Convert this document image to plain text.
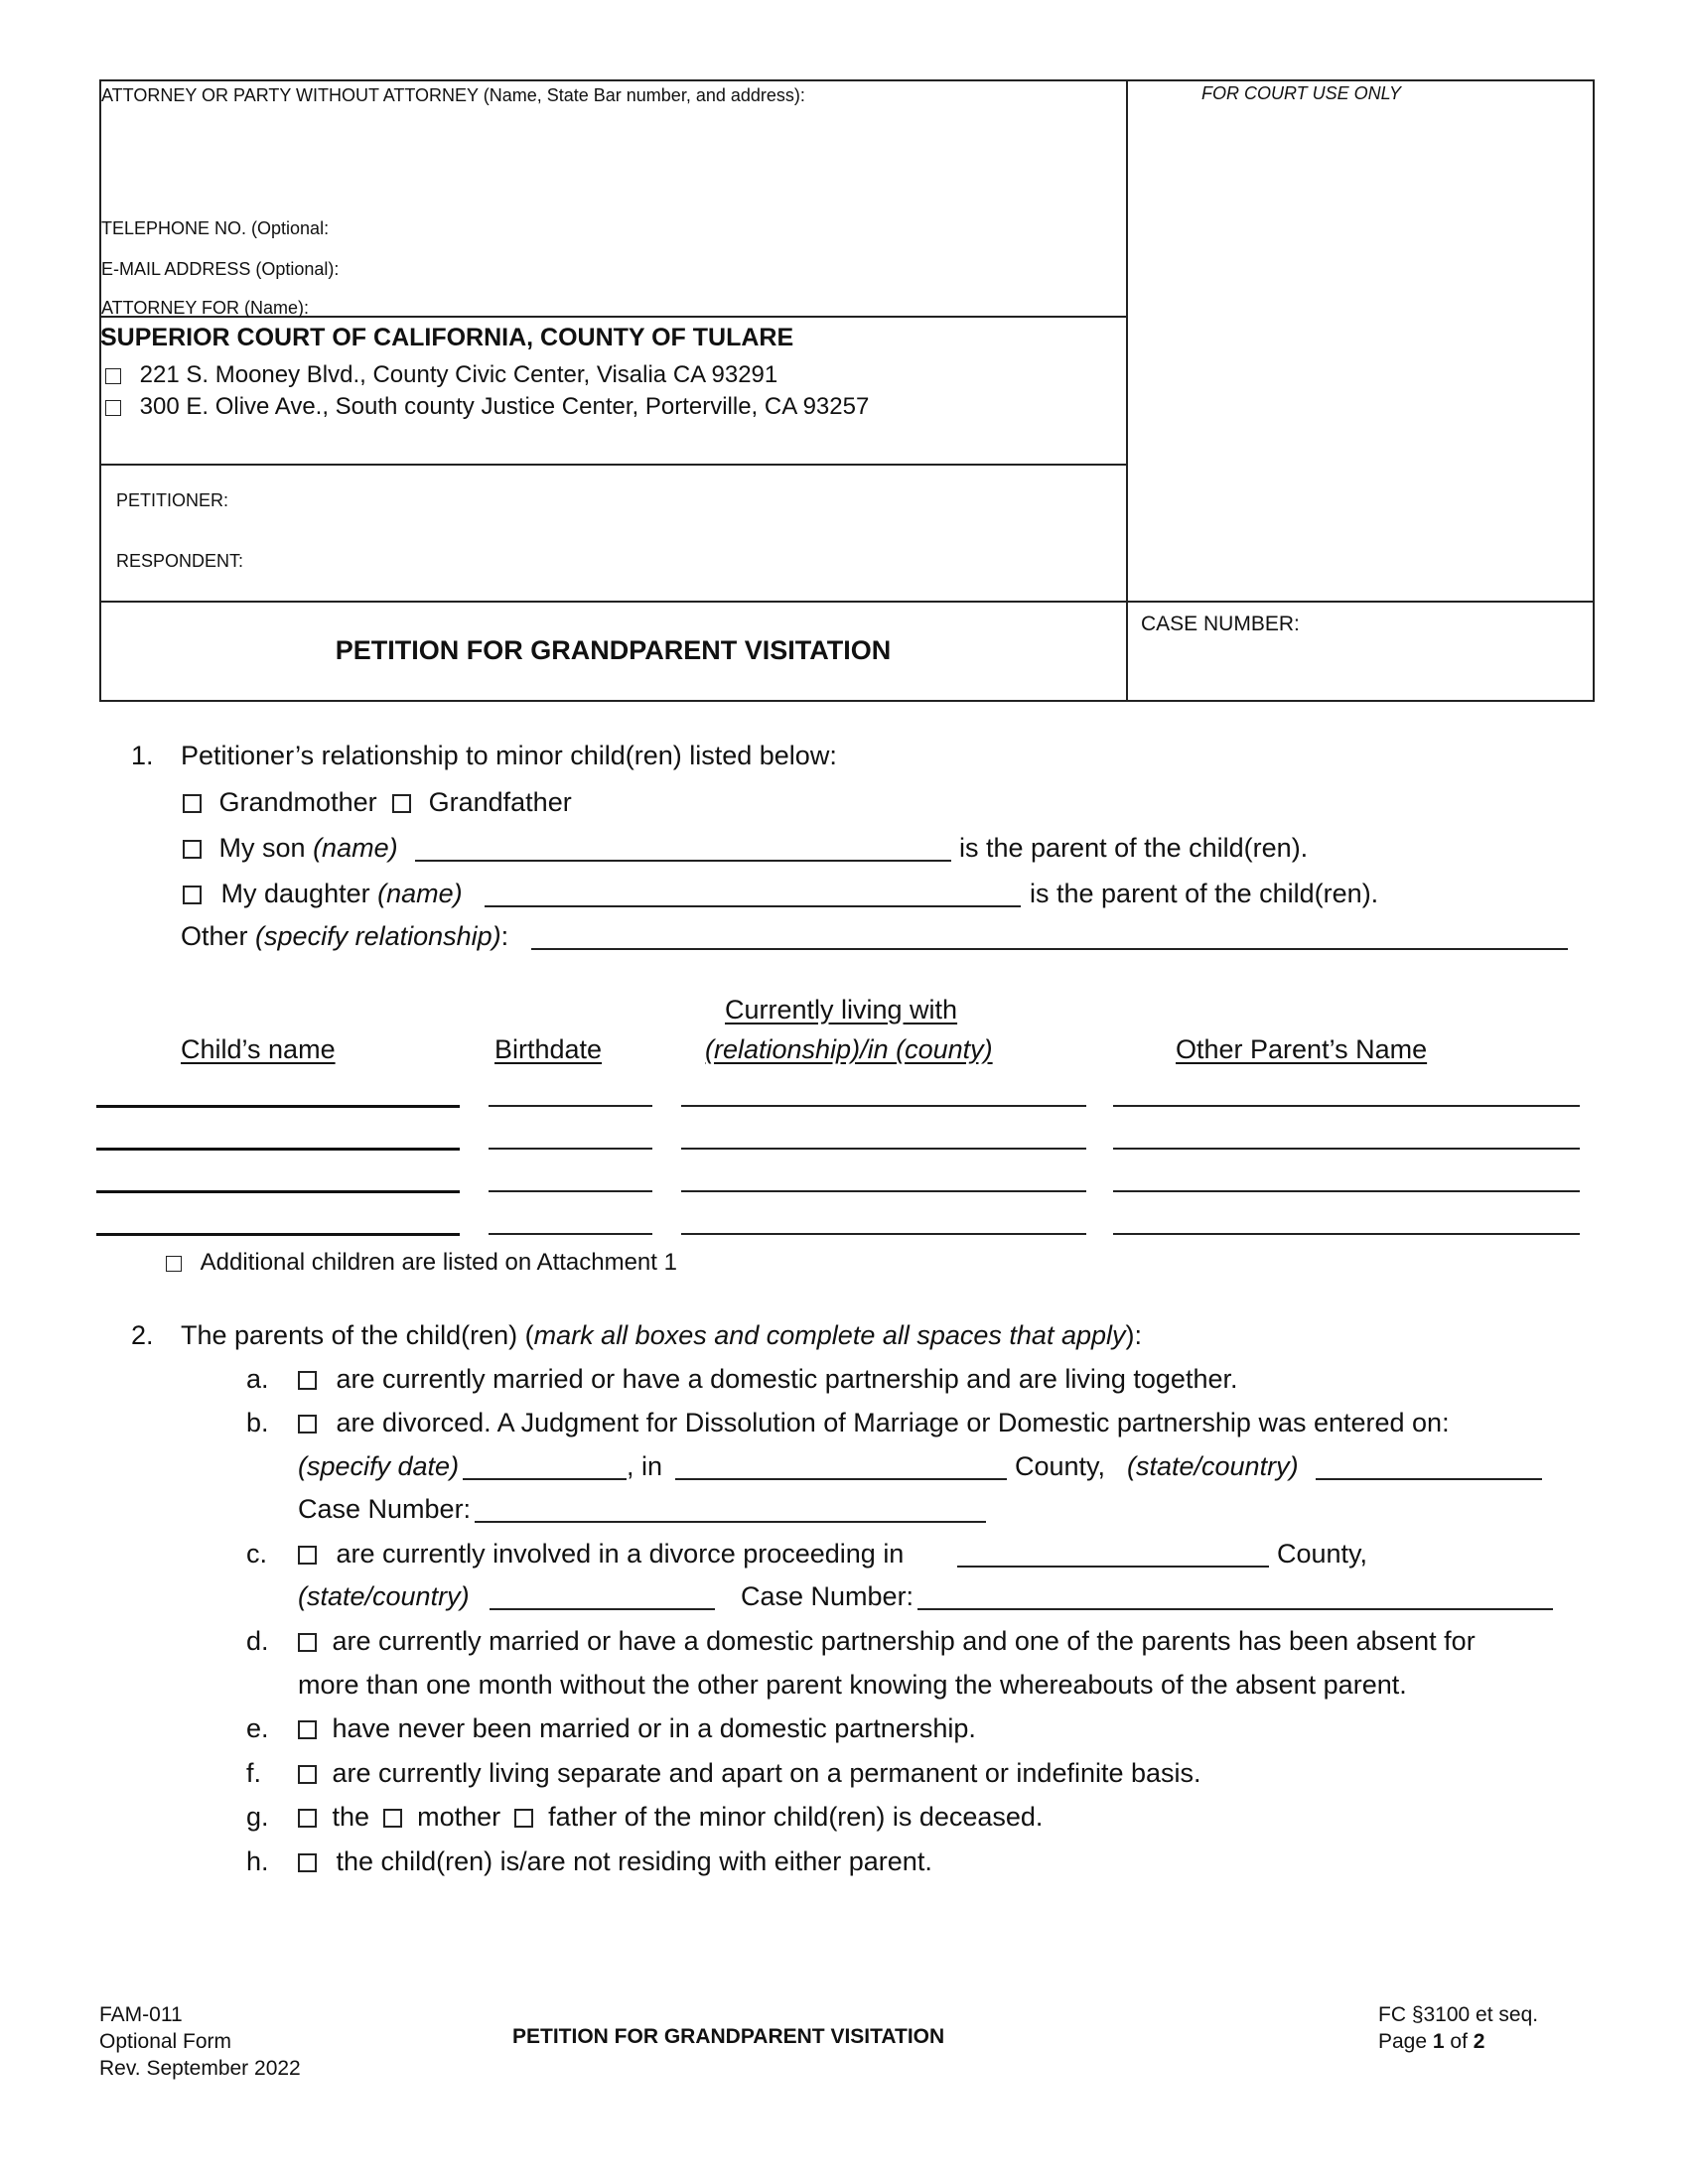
ATTORNEY OR PARTY WITHOUT ATTORNEY (Name, State Bar number, and address):	FOR COURT USE ONLY
TELEPHONE NO. (Optional:
E-MAIL ADDRESS (Optional):
ATTORNEY FOR (Name):
SUPERIOR COURT OF CALIFORNIA, COUNTY OF TULARE
221 S. Mooney Blvd., County Civic Center, Visalia CA 93291
300 E. Olive Ave., South county Justice Center, Porterville, CA 93257
PETITIONER:
RESPONDENT:
PETITION FOR GRANDPARENT VISITATION
CASE NUMBER:
1. Petitioner’s relationship to minor child(ren) listed below:
Grandmother Grandfather
My son (name)	is the parent of the child(ren).
My daughter (name)	is the parent of the child(ren).
Other (specify relationship):
Child’s name	Birthdate
Currently living with
(relationship)/in (county)	Other Parent’s Name
Additional children are listed on Attachment 1
2. The parents of the child(ren) (mark all boxes and complete all spaces that apply):
a.	are currently married or have a domestic partnership and are living together.
b.	are divorced. A Judgment for Dissolution of Marriage or Domestic partnership was entered on:
(specify date)	, in	County, (state/country)
Case Number:
c.	are currently involved in a divorce proceeding in	County,
(state/country)	Case Number:
d.	are currently married or have a domestic partnership and one of the parents has been absent for
more than one month without the other parent knowing the whereabouts of the absent parent.
e.	have never been married or in a domestic partnership.
f.	are currently living separate and apart on a permanent or indefinite basis.
g.	the mother father of the minor child(ren) is deceased.
h.	the child(ren) is/are not residing with either parent.
FAM-011
Optional Form
Rev. September 2022
PETITION FOR GRANDPARENT VISITATION
FC §3100 et seq.
Page 1 of 2
